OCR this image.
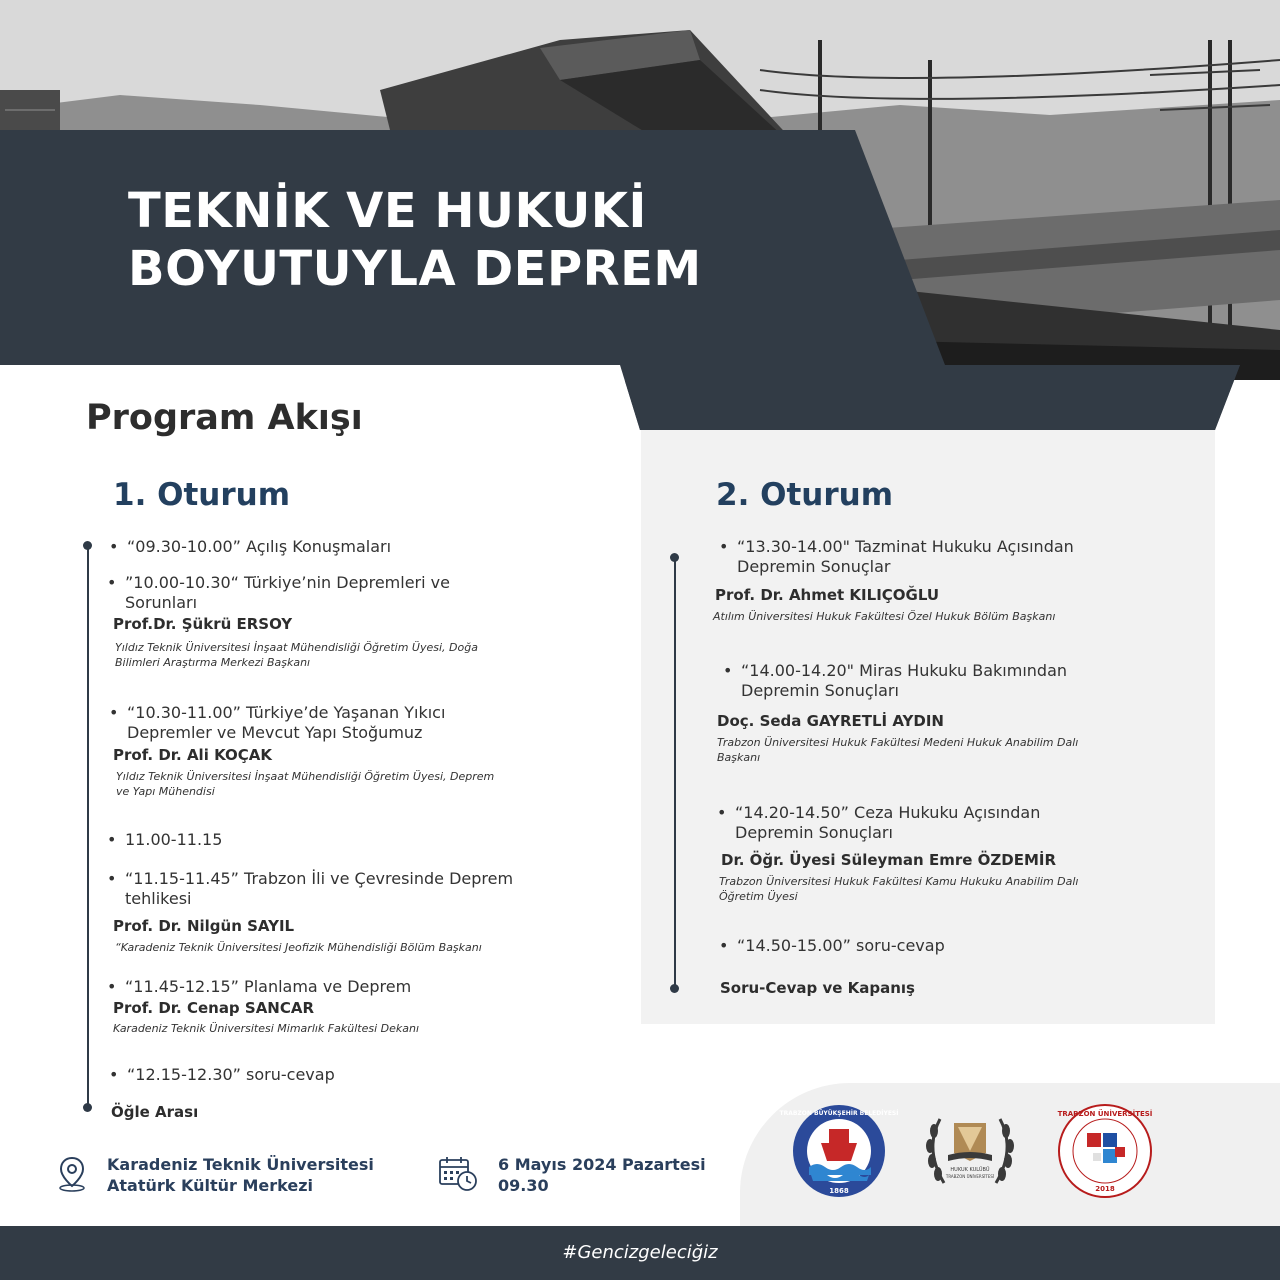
TEKNİK VE HUKUKİ
BOYUTUYLA DEPREM
Program Akışı
1. Oturum
• “09.30-10.00” Açılış Konuşmaları
• ”10.00-10.30“ Türkiye’nin Depremleri ve Sorunları

Prof.Dr. Şükrü ERSOY

Yıldız Teknik Üniversitesi İnşaat Mühendisliği Öğretim Üyesi, Doğa Bilimleri Araştırma Merkezi Başkanı

• “10.30-11.00” Türkiye’de Yaşanan Yıkıcı Depremler ve Mevcut Yapı Stoğumuz

Prof. Dr. Ali KOÇAK

Yıldız Teknik Üniversitesi İnşaat Mühendisliği Öğretim Üyesi, Deprem ve Yapı Mühendisi

• 11.00-11.15
• “11.15-11.45” Trabzon İli ve Çevresinde Deprem tehlikesi

Prof. Dr. Nilgün SAYIL

“Karadeniz Teknik Üniversitesi Jeofizik Mühendisliği Bölüm Başkanı

• “11.45-12.15” Planlama ve Deprem

Prof. Dr. Cenap SANCAR

Karadeniz Teknik Üniversitesi Mimarlık Fakültesi Dekanı

• “12.15-12.30” soru-cevap

Öğle Arası

2. Oturum
• “13.30-14.00" Tazminat Hukuku Açısından Depremin Sonuçlar

Prof. Dr. Ahmet KILIÇOĞLU

Atılım Üniversitesi Hukuk Fakültesi Özel Hukuk Bölüm Başkanı

• “14.00-14.20" Miras Hukuku Bakımından Depremin Sonuçları

Doç. Seda GAYRETLİ AYDIN

Trabzon Üniversitesi Hukuk Fakültesi Medeni Hukuk Anabilim Dalı Başkanı

• “14.20-14.50” Ceza Hukuku Açısından Depremin Sonuçları

Dr. Öğr. Üyesi Süleyman Emre ÖZDEMİR

Trabzon Üniversitesi Hukuk Fakültesi Kamu Hukuku Anabilim Dalı Öğretim Üyesi

• “14.50-15.00” soru-cevap

Soru-Cevap ve Kapanış

Karadeniz Teknik Üniversitesi
Atatürk Kültür Merkezi
6 Mayıs 2024 Pazartesi
09.30
TRABZON BÜYÜKŞEHİR BELEDİYESİ
1868
HUKUK KULÜBÜ
TRABZON ÜNİVERSİTESİ
TRABZON ÜNİVERSİTESİ
2018

#Gencizgeleciğiz
